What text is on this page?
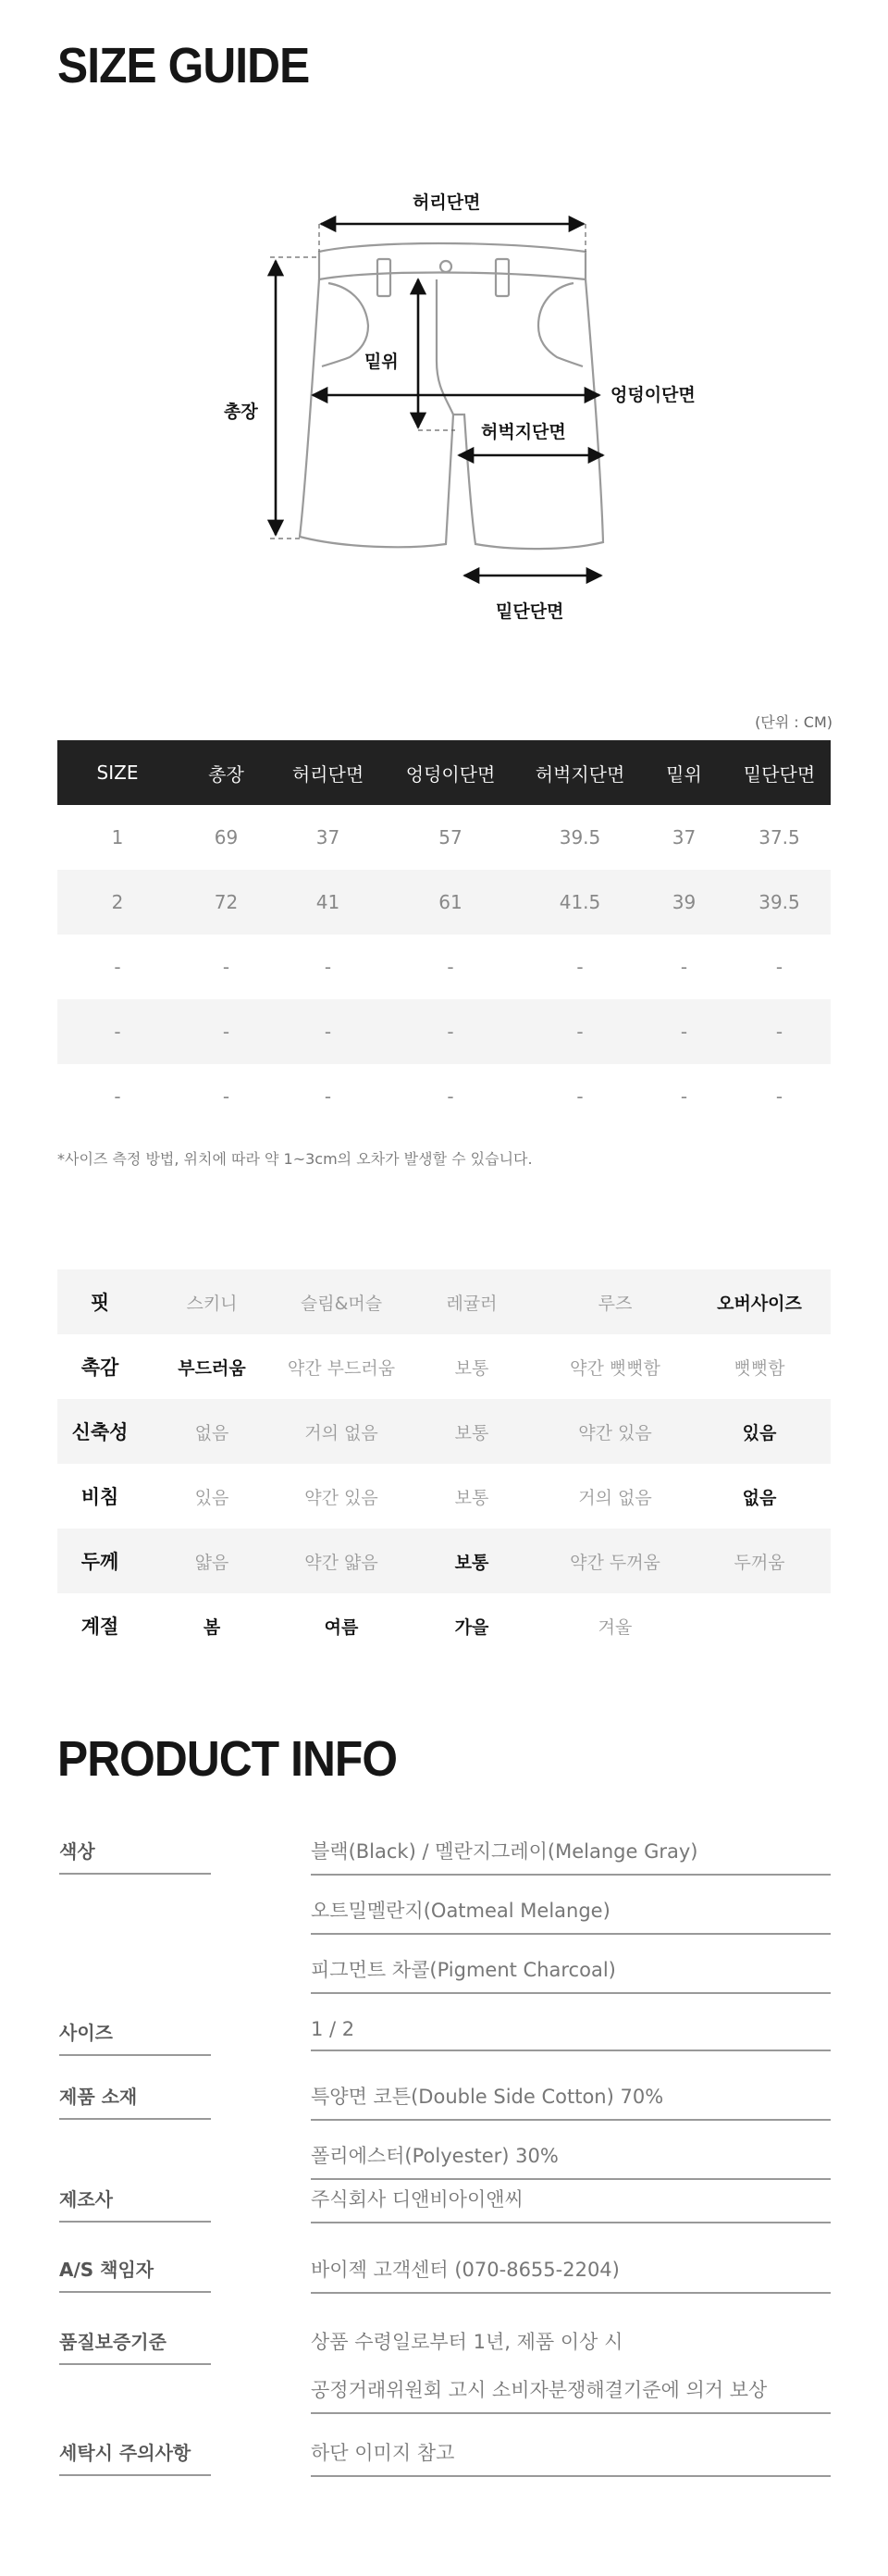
SIZE GUIDE
허리단면
밑위
총장
엉덩이단면
허벅지단면
밑단단면
(단위 : CM)
SIZE	총장	허리단면	엉덩이단면	허벅지단면	밑위	밑단단면
1	69	37	57	39.5	37	37.5
2	72	41	61	41.5	39	39.5
-	-	-	-	-	-	-
-	-	-	-	-	-	-
-	-	-	-	-	-	-
*사이즈 측정 방법, 위치에 따라 약 1~3cm의 오차가 발생할 수 있습니다.
핏	스키니	슬림&머슬	레귤러	루즈	오버사이즈
촉감	부드러움	약간 부드러움	보통	약간 뻣뻣함	뻣뻣함
신축성	없음	거의 없음	보통	약간 있음	있음
비침	있음	약간 있음	보통	거의 없음	없음
두께	얇음	약간 얇음	보통	약간 두꺼움	두꺼움
계절	봄	여름	가을	겨울	
PRODUCT INFO
색상	블랙(Black) / 멜란지그레이(Melange Gray)
오트밀멜란지(Oatmeal Melange)
피그먼트 차콜(Pigment Charcoal)
사이즈	1 / 2
제품 소재	특양면 코튼(Double Side Cotton) 70%
폴리에스터(Polyester) 30%
제조사	주식회사 디앤비아이앤씨
A/S 책임자	바이젝 고객센터 (070-8655-2204)
품질보증기준	상품 수령일로부터 1년, 제품 이상 시
공정거래위원회 고시 소비자분쟁해결기준에 의거 보상
세탁시 주의사항	하단 이미지 참고
